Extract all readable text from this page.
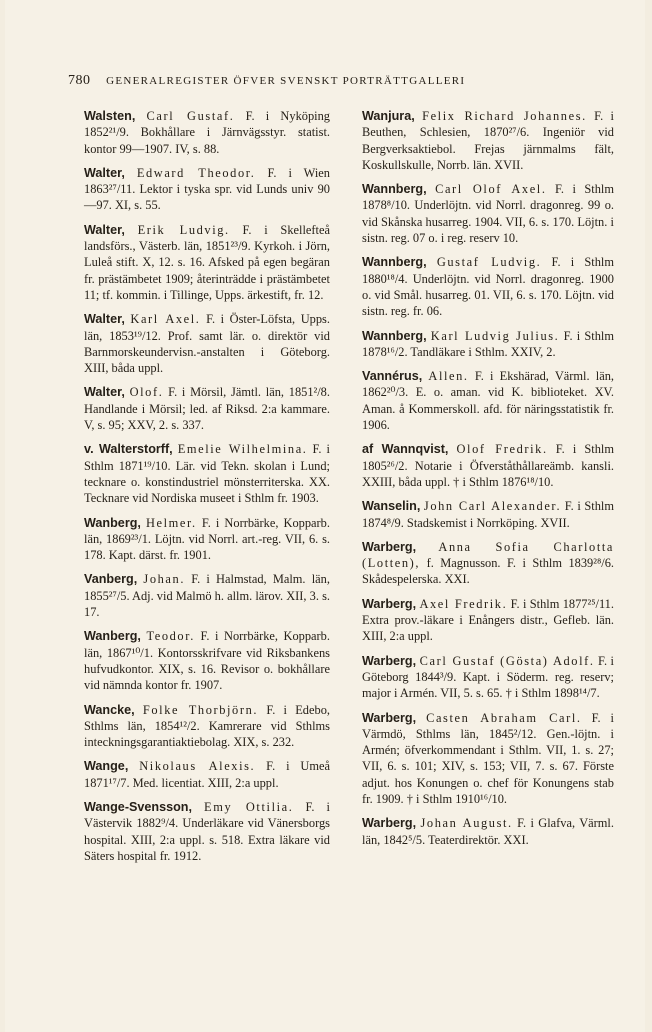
780 GENERALREGISTER ÖFVER SVENSKT PORTRÄTTGALLERI

Walsten, Carl Gustaf. F. i Nyköping 1852²¹/9. Bokhållare i Järnvägsstyr. statist. kontor 99—1907. IV, s. 88.

Walter, Edward Theodor. F. i Wien 1863²⁷/11. Lektor i tyska spr. vid Lunds univ 90—97. XI, s. 55.

Walter, Erik Ludvig. F. i Skellefteå landsförs., Västerb. län, 1851²³/9. Kyrkoh. i Jörn, Luleå stift. X, 12. s. 16. Afsked på egen begäran fr. prästämbetet 1909; återinträdde i prästämbetet 11; tf. kommin. i Tillinge, Upps. ärkestift, fr. 12.

Walter, Karl Axel. F. i Öster-Löfsta, Upps. län, 1853¹⁹/12. Prof. samt lär. o. direktör vid Barnmorskeundervisn.-anstalten i Göteborg. XIII, båda uppl.

Walter, Olof. F. i Mörsil, Jämtl. län, 1851²/8. Handlande i Mörsil; led. af Riksd. 2:a kammare. V, s. 95; XXV, 2. s. 337.

v. Walterstorff, Emelie Wilhelmina. F. i Sthlm 1871¹⁹/10. Lär. vid Tekn. skolan i Lund; tecknare o. konstindustriel mönsterriterska. XX. Tecknare vid Nordiska museet i Sthlm fr. 1903.

Wanberg, Helmer. F. i Norrbärke, Kopparb. län, 1869²³/1. Löjtn. vid Norrl. art.-reg. VII, 6. s. 178. Kapt. därst. fr. 1901.

Vanberg, Johan. F. i Halmstad, Malm. län, 1855²⁷/5. Adj. vid Malmö h. allm. lärov. XII, 3. s. 17.

Wanberg, Teodor. F. i Norrbärke, Kopparb. län, 1867¹⁰/1. Kontorsskrifvare vid Riksbankens hufvudkontor. XIX, s. 16. Revisor o. bokhållare vid nämnda kontor fr. 1907.

Wancke, Folke Thorbjörn. F. i Edebo, Sthlms län, 1854¹²/2. Kamrerare vid Sthlms inteckningsgarantiaktiebolag. XIX, s. 232.

Wange, Nikolaus Alexis. F. i Umeå 1871¹⁷/7. Med. licentiat. XIII, 2:a uppl.

Wange-Svensson, Emy Ottilia. F. i Västervik 1882⁹/4. Underläkare vid Vänersborgs hospital. XIII, 2:a uppl. s. 518. Extra läkare vid Säters hospital fr. 1912.

Wanjura, Felix Richard Johannes. F. i Beuthen, Schlesien, 1870²⁷/6. Ingeniör vid Bergverksaktiebol. Frejas järnmalms fält, Koskullskulle, Norrb. län. XVII.

Wannberg, Carl Olof Axel. F. i Sthlm 1878⁸/10. Underlöjtn. vid Norrl. dragonreg. 99 o. vid Skånska husarreg. 1904. VII, 6. s. 170. Löjtn. i sistn. reg. 07 o. i reg. reserv 10.

Wannberg, Gustaf Ludvig. F. i Sthlm 1880¹⁸/4. Underlöjtn. vid Norrl. dragonreg. 1900 o. vid Smål. husarreg. 01. VII, 6. s. 170. Löjtn. vid sistn. reg. fr. 06.

Wannberg, Karl Ludvig Julius. F. i Sthlm 1878¹⁶/2. Tandläkare i Sthlm. XXIV, 2.

Vannérus, Allen. F. i Ekshärad, Värml. län, 1862²⁰/3. E. o. aman. vid K. biblioteket. XV. Aman. å Kommerskoll. afd. för näringsstatistik fr. 1906.

af Wannqvist, Olof Fredrik. F. i Sthlm 1805²⁶/2. Notarie i Öfverståthållareämb. kansli. XXIII, båda uppl. † i Sthlm 1876¹⁸/10.

Wanselin, John Carl Alexander. F. i Sthlm 1874⁸/9. Stadskemist i Norrköping. XVII.

Warberg, Anna Sofia Charlotta (Lotten), f. Magnusson. F. i Sthlm 1839²⁸/6. Skådespelerska. XXI.

Warberg, Axel Fredrik. F. i Sthlm 1877²⁵/11. Extra prov.-läkare i Enångers distr., Gefleb. län. XIII, 2:a uppl.

Warberg, Carl Gustaf (Gösta) Adolf. F. i Göteborg 1844³/9. Kapt. i Söderm. reg. reserv; major i Armén. VII, 5. s. 65. † i Sthlm 1898¹⁴/7.

Warberg, Casten Abraham Carl. F. i Värmdö, Sthlms län, 1845²/12. Gen.-löjtn. i Armén; öfverkommendant i Sthlm. VII, 1. s. 27; VII, 6. s. 101; XIV, s. 153; VII, 7. s. 67. Förste adjut. hos Konungen o. chef för Konungens stab fr. 1909. † i Sthlm 1910¹⁶/10.

Warberg, Johan August. F. i Glafva, Värml. län, 1842⁵/5. Teaterdirektör. XXI.
